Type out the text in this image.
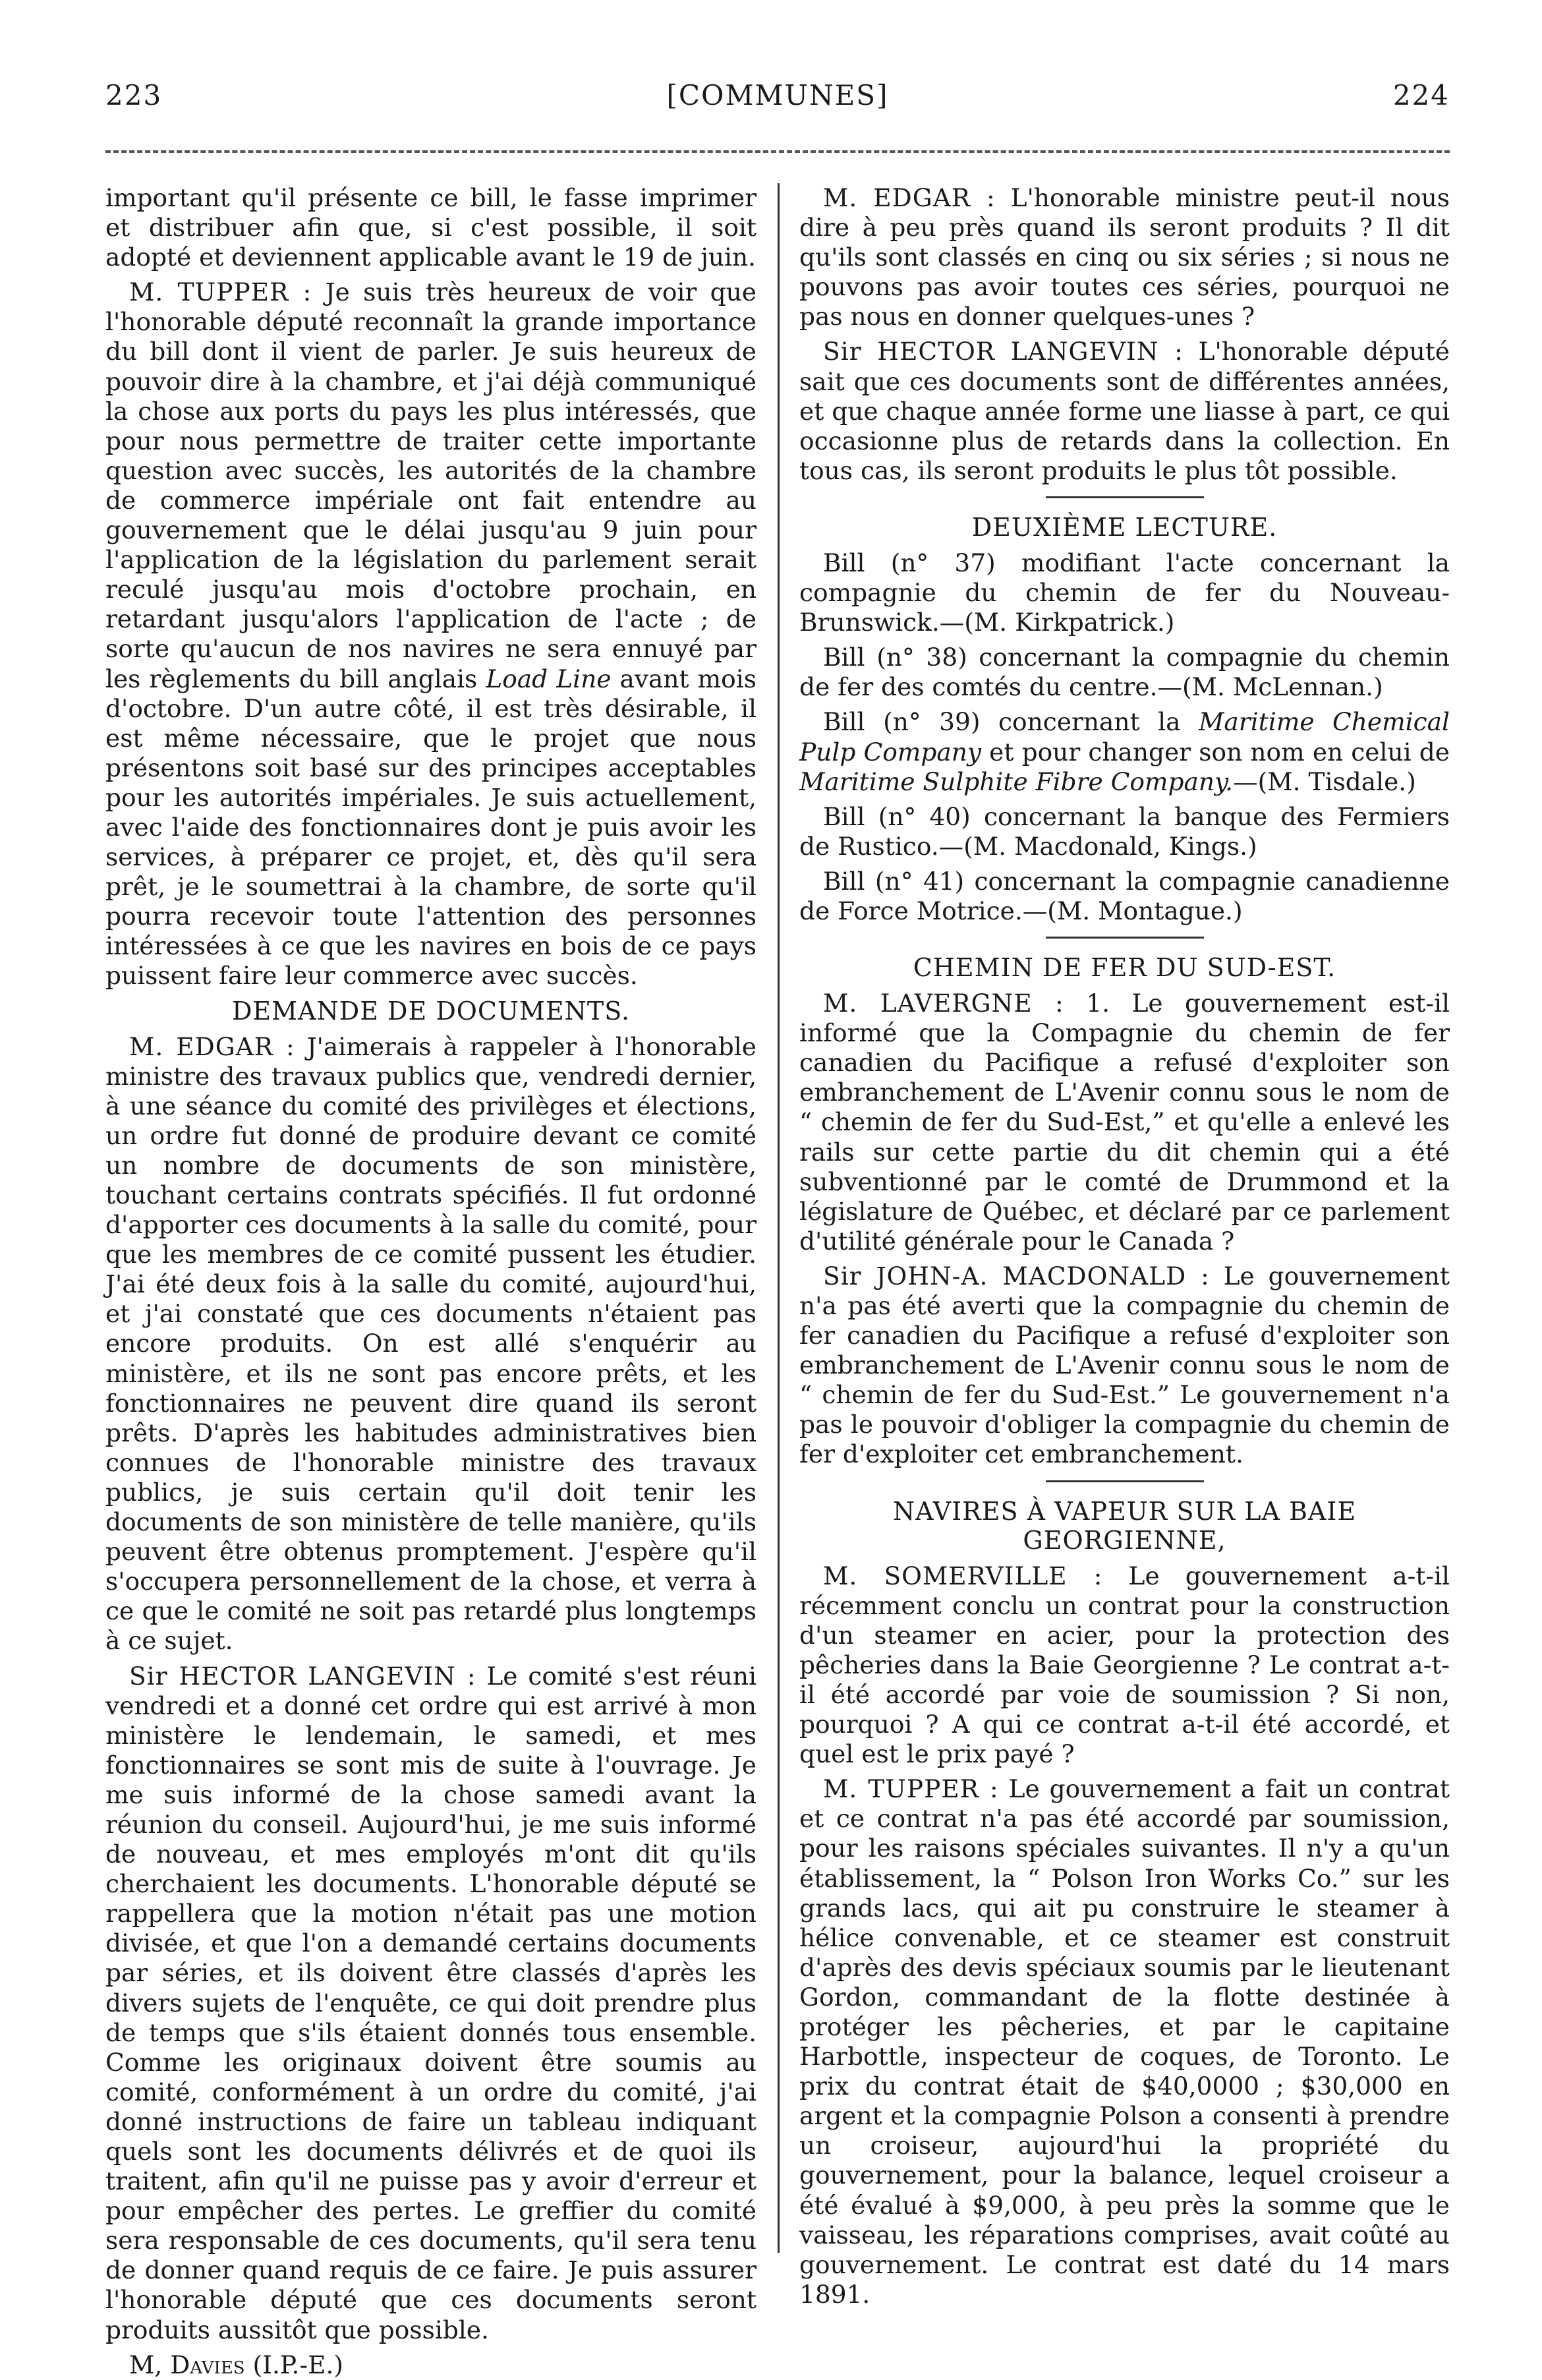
223	[COMMUNES]	224

important qu'il présente ce bill, le fasse imprimer et distribuer afin que, si c'est possible, il soit adopté et deviennent applicable avant le 19 de juin.

M. TUPPER : Je suis très heureux de voir que l'honorable député reconnaît la grande importance du bill dont il vient de parler. Je suis heureux de pouvoir dire à la chambre, et j'ai déjà communiqué la chose aux ports du pays les plus intéressés, que pour nous permettre de traiter cette importante question avec succès, les autorités de la chambre de commerce impériale ont fait entendre au gouvernement que le délai jusqu'au 9 juin pour l'application de la législation du parlement serait reculé jusqu'au mois d'octobre prochain, en retardant jusqu'alors l'application de l'acte ; de sorte qu'aucun de nos navires ne sera ennuyé par les règlements du bill anglais Load Line avant mois d'octobre. D'un autre côté, il est très désirable, il est même nécessaire, que le projet que nous présentons soit basé sur des principes acceptables pour les autorités impériales. Je suis actuellement, avec l'aide des fonctionnaires dont je puis avoir les services, à préparer ce projet, et, dès qu'il sera prêt, je le soumettrai à la chambre, de sorte qu'il pourra recevoir toute l'attention des personnes intéressées à ce que les navires en bois de ce pays puissent faire leur commerce avec succès.

DEMANDE DE DOCUMENTS.

M. EDGAR : J'aimerais à rappeler à l'honorable ministre des travaux publics que, vendredi dernier, à une séance du comité des privilèges et élections, un ordre fut donné de produire devant ce comité un nombre de documents de son ministère, touchant certains contrats spécifiés. Il fut ordonné d'apporter ces documents à la salle du comité, pour que les membres de ce comité pussent les étudier. J'ai été deux fois à la salle du comité, aujourd'hui, et j'ai constaté que ces documents n'étaient pas encore produits. On est allé s'enquérir au ministère, et ils ne sont pas encore prêts, et les fonctionnaires ne peuvent dire quand ils seront prêts. D'après les habitudes administratives bien connues de l'honorable ministre des travaux publics, je suis certain qu'il doit tenir les documents de son ministère de telle manière, qu'ils peuvent être obtenus promptement. J'espère qu'il s'occupera personnellement de la chose, et verra à ce que le comité ne soit pas retardé plus longtemps à ce sujet.

Sir HECTOR LANGEVIN : Le comité s'est réuni vendredi et a donné cet ordre qui est arrivé à mon ministère le lendemain, le samedi, et mes fonctionnaires se sont mis de suite à l'ouvrage. Je me suis informé de la chose samedi avant la réunion du conseil. Aujourd'hui, je me suis informé de nouveau, et mes employés m'ont dit qu'ils cherchaient les documents. L'honorable député se rappellera que la motion n'était pas une motion divisée, et que l'on a demandé certains documents par séries, et ils doivent être classés d'après les divers sujets de l'enquête, ce qui doit prendre plus de temps que s'ils étaient donnés tous ensemble. Comme les originaux doivent être soumis au comité, conformément à un ordre du comité, j'ai donné instructions de faire un tableau indiquant quels sont les documents délivrés et de quoi ils traitent, afin qu'il ne puisse pas y avoir d'erreur et pour empêcher des pertes. Le greffier du comité sera responsable de ces documents, qu'il sera tenu de donner quand requis de ce faire. Je puis assurer l'honorable député que ces documents seront produits aussitôt que possible.

M, Davies (I.P.-E.)

M. EDGAR : L'honorable ministre peut-il nous dire à peu près quand ils seront produits ? Il dit qu'ils sont classés en cinq ou six séries ; si nous ne pouvons pas avoir toutes ces séries, pourquoi ne pas nous en donner quelques-unes ?

Sir HECTOR LANGEVIN : L'honorable député sait que ces documents sont de différentes années, et que chaque année forme une liasse à part, ce qui occasionne plus de retards dans la collection. En tous cas, ils seront produits le plus tôt possible.

DEUXIÈME LECTURE.

Bill (n° 37) modifiant l'acte concernant la compagnie du chemin de fer du Nouveau-Brunswick.—(M. Kirkpatrick.)

Bill (n° 38) concernant la compagnie du chemin de fer des comtés du centre.—(M. McLennan.)

Bill (n° 39) concernant la Maritime Chemical Pulp Company et pour changer son nom en celui de Maritime Sulphite Fibre Company.—(M. Tisdale.)

Bill (n° 40) concernant la banque des Fermiers de Rustico.—(M. Macdonald, Kings.)

Bill (n° 41) concernant la compagnie canadienne de Force Motrice.—(M. Montague.)

CHEMIN DE FER DU SUD-EST.

M. LAVERGNE : 1. Le gouvernement est-il informé que la Compagnie du chemin de fer canadien du Pacifique a refusé d'exploiter son embranchement de L'Avenir connu sous le nom de “ chemin de fer du Sud-Est,” et qu'elle a enlevé les rails sur cette partie du dit chemin qui a été subventionné par le comté de Drummond et la législature de Québec, et déclaré par ce parlement d'utilité générale pour le Canada ?

Sir JOHN-A. MACDONALD : Le gouvernement n'a pas été averti que la compagnie du chemin de fer canadien du Pacifique a refusé d'exploiter son embranchement de L'Avenir connu sous le nom de “ chemin de fer du Sud-Est.” Le gouvernement n'a pas le pouvoir d'obliger la compagnie du chemin de fer d'exploiter cet embranchement.

NAVIRES À VAPEUR SUR LA BAIE GEORGIENNE,

M. SOMERVILLE : Le gouvernement a-t-il récemment conclu un contrat pour la construction d'un steamer en acier, pour la protection des pêcheries dans la Baie Georgienne ? Le contrat a-t-il été accordé par voie de soumission ? Si non, pourquoi ? A qui ce contrat a-t-il été accordé, et quel est le prix payé ?

M. TUPPER : Le gouvernement a fait un contrat et ce contrat n'a pas été accordé par soumission, pour les raisons spéciales suivantes. Il n'y a qu'un établissement, la “ Polson Iron Works Co.” sur les grands lacs, qui ait pu construire le steamer à hélice convenable, et ce steamer est construit d'après des devis spéciaux soumis par le lieutenant Gordon, commandant de la flotte destinée à protéger les pêcheries, et par le capitaine Harbottle, inspecteur de coques, de Toronto. Le prix du contrat était de $40,0000 ; $30,000 en argent et la compagnie Polson a consenti à prendre un croiseur, aujourd'hui la propriété du gouvernement, pour la balance, lequel croiseur a été évalué à $9,000, à peu près la somme que le vaisseau, les réparations comprises, avait coûté au gouvernement. Le contrat est daté du 14 mars 1891.
